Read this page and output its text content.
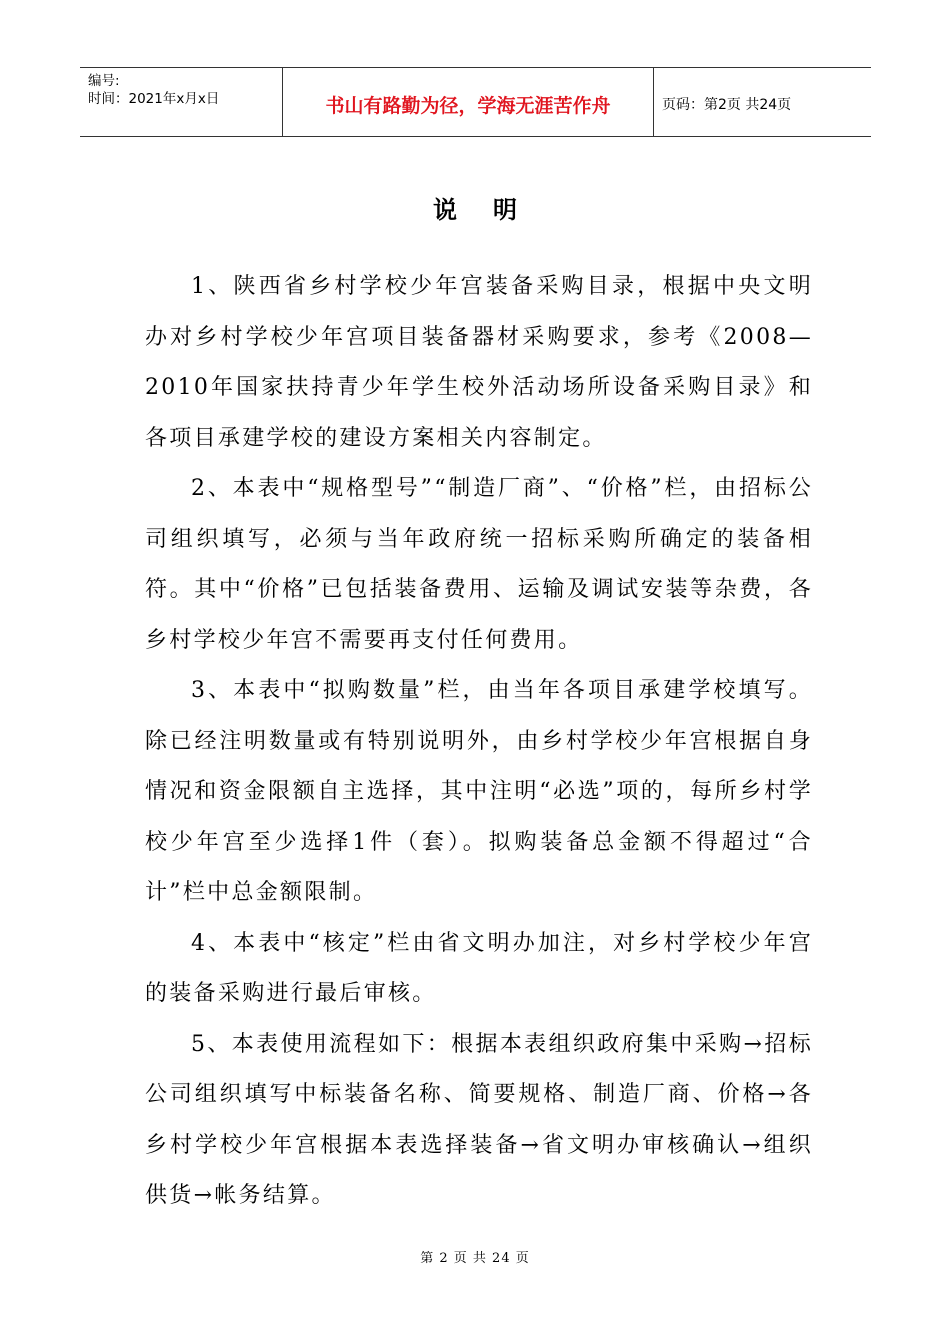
编号:
时间：2021年x月x日	书山有路勤为径，学海无涯苦作舟	页码：第2页 共24页
说明

1、陕西省乡村学校少年宫装备采购目录，根据中央文明办对乡村学校少年宫项目装备器材采购要求，参考《2008—2010年国家扶持青少年学生校外活动场所设备采购目录》和各项目承建学校的建设方案相关内容制定。

2、本表中“规格型号”“制造厂商”、“价格”栏，由招标公司组织填写，必须与当年政府统一招标采购所确定的装备相符。其中“价格”已包括装备费用、运输及调试安装等杂费，各乡村学校少年宫不需要再支付任何费用。

3、本表中“拟购数量”栏，由当年各项目承建学校填写。除已经注明数量或有特别说明外，由乡村学校少年宫根据自身情况和资金限额自主选择，其中注明“必选”项的，每所乡村学校少年宫至少选择1件（套）。拟购装备总金额不得超过“合计”栏中总金额限制。

4、本表中“核定”栏由省文明办加注，对乡村学校少年宫的装备采购进行最后审核。

5、本表使用流程如下：根据本表组织政府集中采购→招标公司组织填写中标装备名称、简要规格、制造厂商、价格→各乡村学校少年宫根据本表选择装备→省文明办审核确认→组织供货→帐务结算。

第 2 页 共 24 页
